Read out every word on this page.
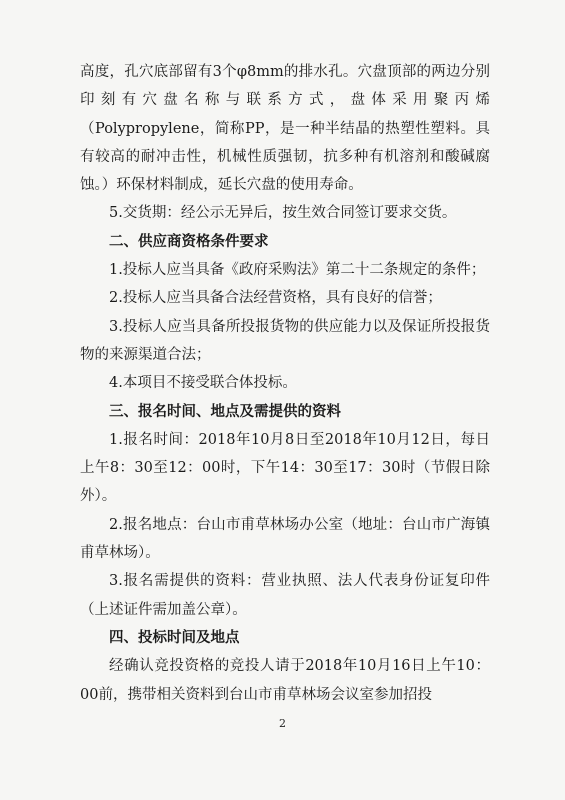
高度，孔穴底部留有3个φ8mm的排水孔。穴盘顶部的两边分别印刻有穴盘名称与联系方式，盘体采用聚丙烯（Polypropylene，简称PP，是一种半结晶的热塑性塑料。具有较高的耐冲击性，机械性质强韧，抗多种有机溶剂和酸碱腐蚀。）环保材料制成，延长穴盘的使用寿命。

5.交货期：经公示无异后，按生效合同签订要求交货。

二、供应商资格条件要求

1.投标人应当具备《政府采购法》第二十二条规定的条件；

2.投标人应当具备合法经营资格，具有良好的信誉；

3.投标人应当具备所投报货物的供应能力以及保证所投报货物的来源渠道合法；

4.本项目不接受联合体投标。

三、报名时间、地点及需提供的资料

1.报名时间：2018年10月8日至2018年10月12日，每日上午8：30至12：00时，下午14：30至17：30时（节假日除外）。

2.报名地点：台山市甫草林场办公室（地址：台山市广海镇甫草林场）。

3.报名需提供的资料：营业执照、法人代表身份证复印件（上述证件需加盖公章）。

四、投标时间及地点

经确认竞投资格的竞投人请于2018年10月16日上午10：00前，携带相关资料到台山市甫草林场会议室参加招投

2
